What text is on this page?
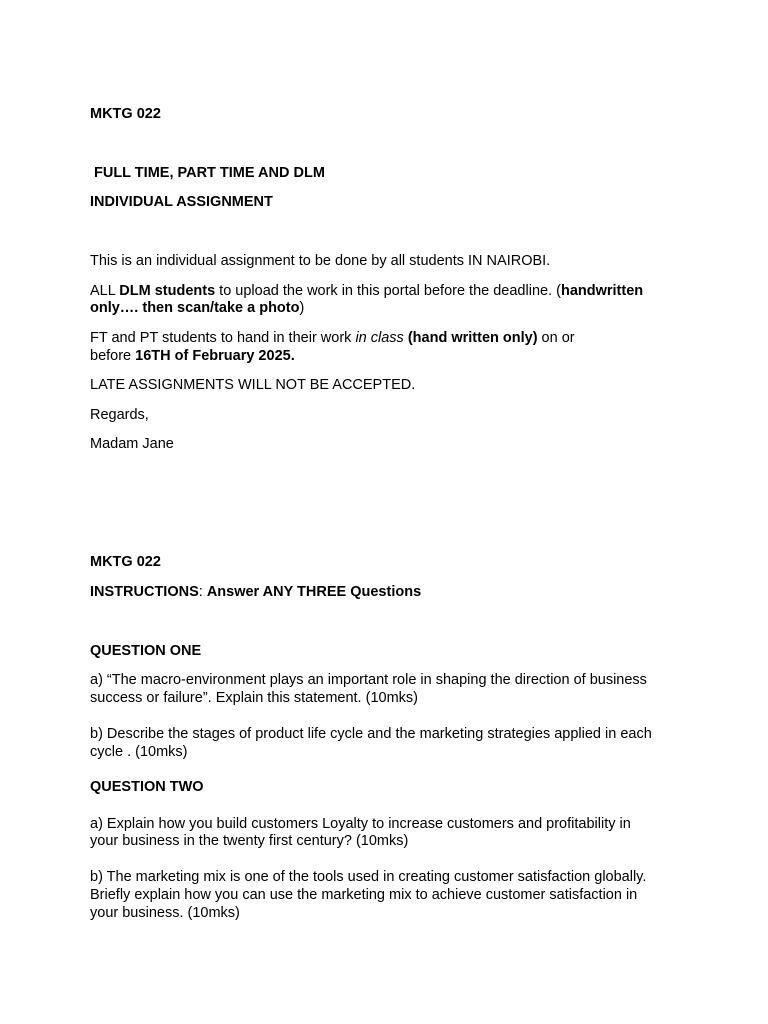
MKTG 022
FULL TIME, PART TIME AND DLM
INDIVIDUAL ASSIGNMENT
This is an individual assignment to be done by all students IN NAIROBI.
ALL DLM students to upload the work in this portal before the deadline. (handwritten
only…. then scan/take a photo)
FT and PT students to hand in their work in class (hand written only) on or
before 16TH of February 2025.
LATE ASSIGNMENTS WILL NOT BE ACCEPTED.
Regards,
Madam Jane
MKTG 022
INSTRUCTIONS: Answer ANY THREE Questions
QUESTION ONE
a) “The macro-environment plays an important role in shaping the direction of business
success or failure”. Explain this statement. (10mks)
b) Describe the stages of product life cycle and the marketing strategies applied in each
cycle . (10mks)
QUESTION TWO
a) Explain how you build customers Loyalty to increase customers and profitability in
your business in the twenty first century? (10mks)
b) The marketing mix is one of the tools used in creating customer satisfaction globally.
Briefly explain how you can use the marketing mix to achieve customer satisfaction in
your business. (10mks)
